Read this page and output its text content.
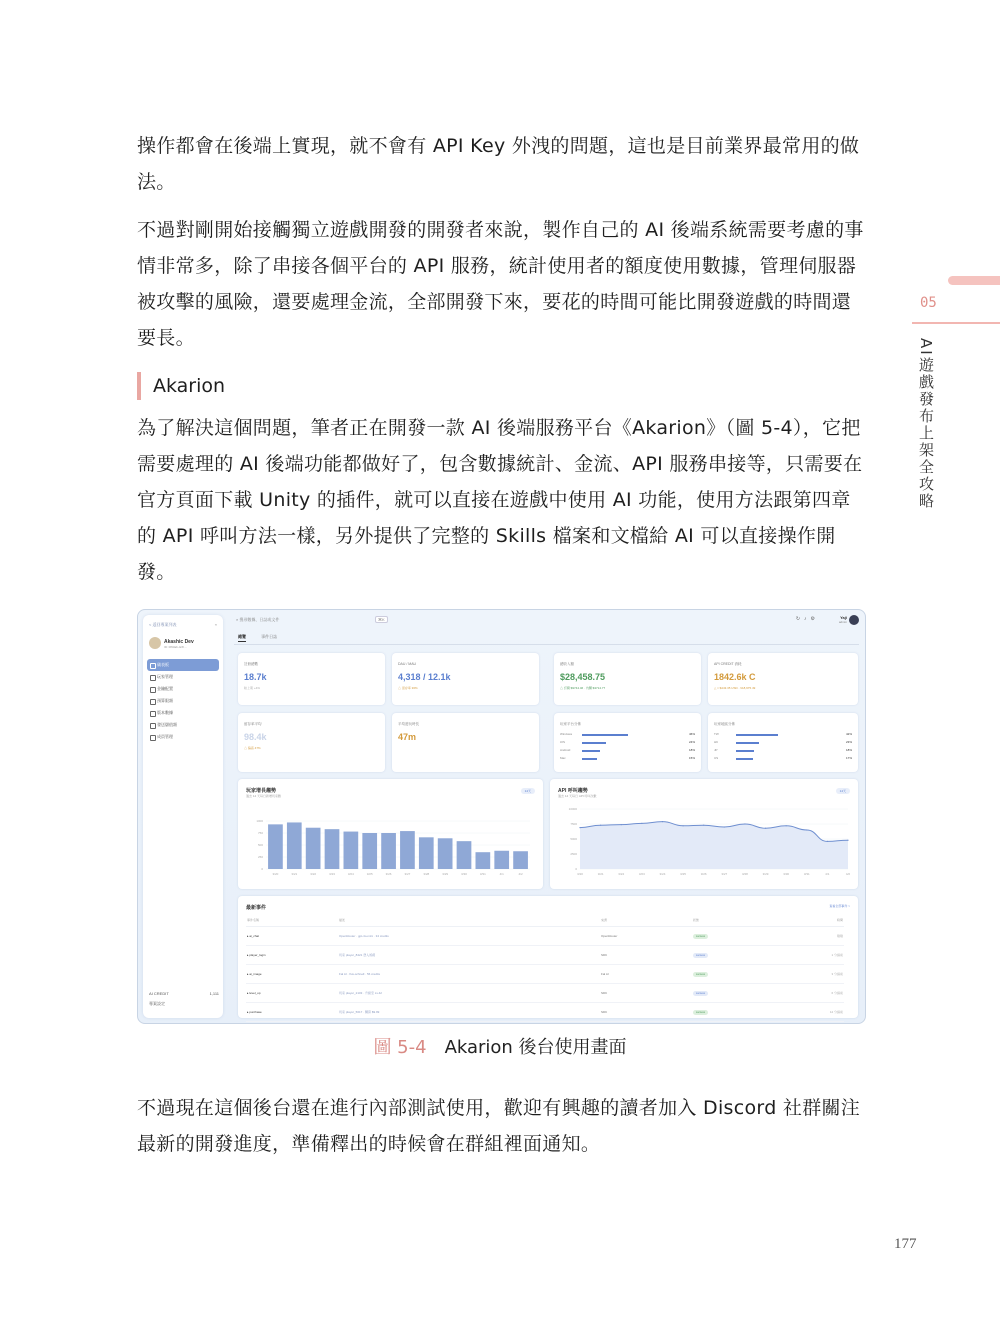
操作都會在後端上實現，就不會有 API Key 外洩的問題，這也是目前業界最常用的做法。

不過對剛開始接觸獨立遊戲開發的開發者來說，製作自己的 AI 後端系統需要考慮的事情非常多，除了串接各個平台的 API 服務，統計使用者的額度使用數據，管理伺服器被攻擊的風險，還要處理金流，全部開發下來，要花的時間可能比開發遊戲的時間還要長。

Akarion

為了解決這個問題，筆者正在開發一款 AI 後端服務平台《Akarion》（圖 5-4），它把需要處理的 AI 後端功能都做好了，包含數據統計、金流、API 服務串接等，只需要在官方頁面下載 Unity 的插件，就可以直接在遊戲中使用 AI 功能，使用方法跟第四章的 API 呼叫方法一樣，另外提供了完整的 Skills 檔案和文檔給 AI 可以直接操作開發。

05
AI遊戲發布上架全攻略
< 返回專案列表	«
Akashic Dev
ID: 0f93ab-4c8 ...
儀表板
玩家管理
金鑰配置
預算限額
版本數據
發送儲值額
成員管理
AI CREDIT	1,111
專案設定
⌕ 搜尋數據、日誌或文件	⌘K	↻♪⚙	Yaji
admin
總覽	事件日誌
註冊總數
18.7k
較上期 +4%
DAU / MAU
4,318 / 12.1k
△ 留存率 36%
總收入額
$28,458.75
△ 訂閱 $9744.46 · 內購 $3714.77
API CREDIT 消耗
1842.6k C
△ ≈ $443.35 USD · ¥18,975.49
留存率平均
98.4k
△ 偏高 47%
平均遊玩時長
47m
玩家平台分佈
Windows	46%
iOS	24%
Android	18%
Mac	15%
玩家地區分佈
TW	42%
HK	23%
JP	18%
US	17%
玩家增長趨勢
過去 14 天每日新增玩家數
14天
0
250
500
750
1000
3/20	3/21	3/22	3/23	3/24	3/25	3/26	3/27	3/28	3/29	3/30	3/31	4/1	4/2
API 呼叫趨勢
過去 14 天每日 API 呼叫次數
14天
0
2500
5000
7500
10000
3/20	3/21	3/22	3/23	3/24	3/25	3/26	3/27	3/28	3/29	3/30	3/31	4/1	4/2
最新事件	查看全部事件 >
事件名稱	描述	來源	狀態	時間
▸ ai_chat	OpenRouter · gpt-4o-mini · 34 credits	OpenRouter	success	剛剛
▸ player_login	玩家 player_8421 登入遊戲	SDK	success	1 分鐘前
▸ ai_image	Fal AI · flux-schnell · 56 credits	Fal AI	success	3 分鐘前
▸ level_up	玩家 player_2103 · 升級至 Lv.42	SDK	success	6 分鐘前
▸ purchase	玩家 player_5617 · 購買 $9.99	SDK	success	12 分鐘前
圖 5-4 Akarion 後台使用畫面

不過現在這個後台還在進行內部測試使用，歡迎有興趣的讀者加入 Discord 社群關注最新的開發進度，準備釋出的時候會在群組裡面通知。

177
